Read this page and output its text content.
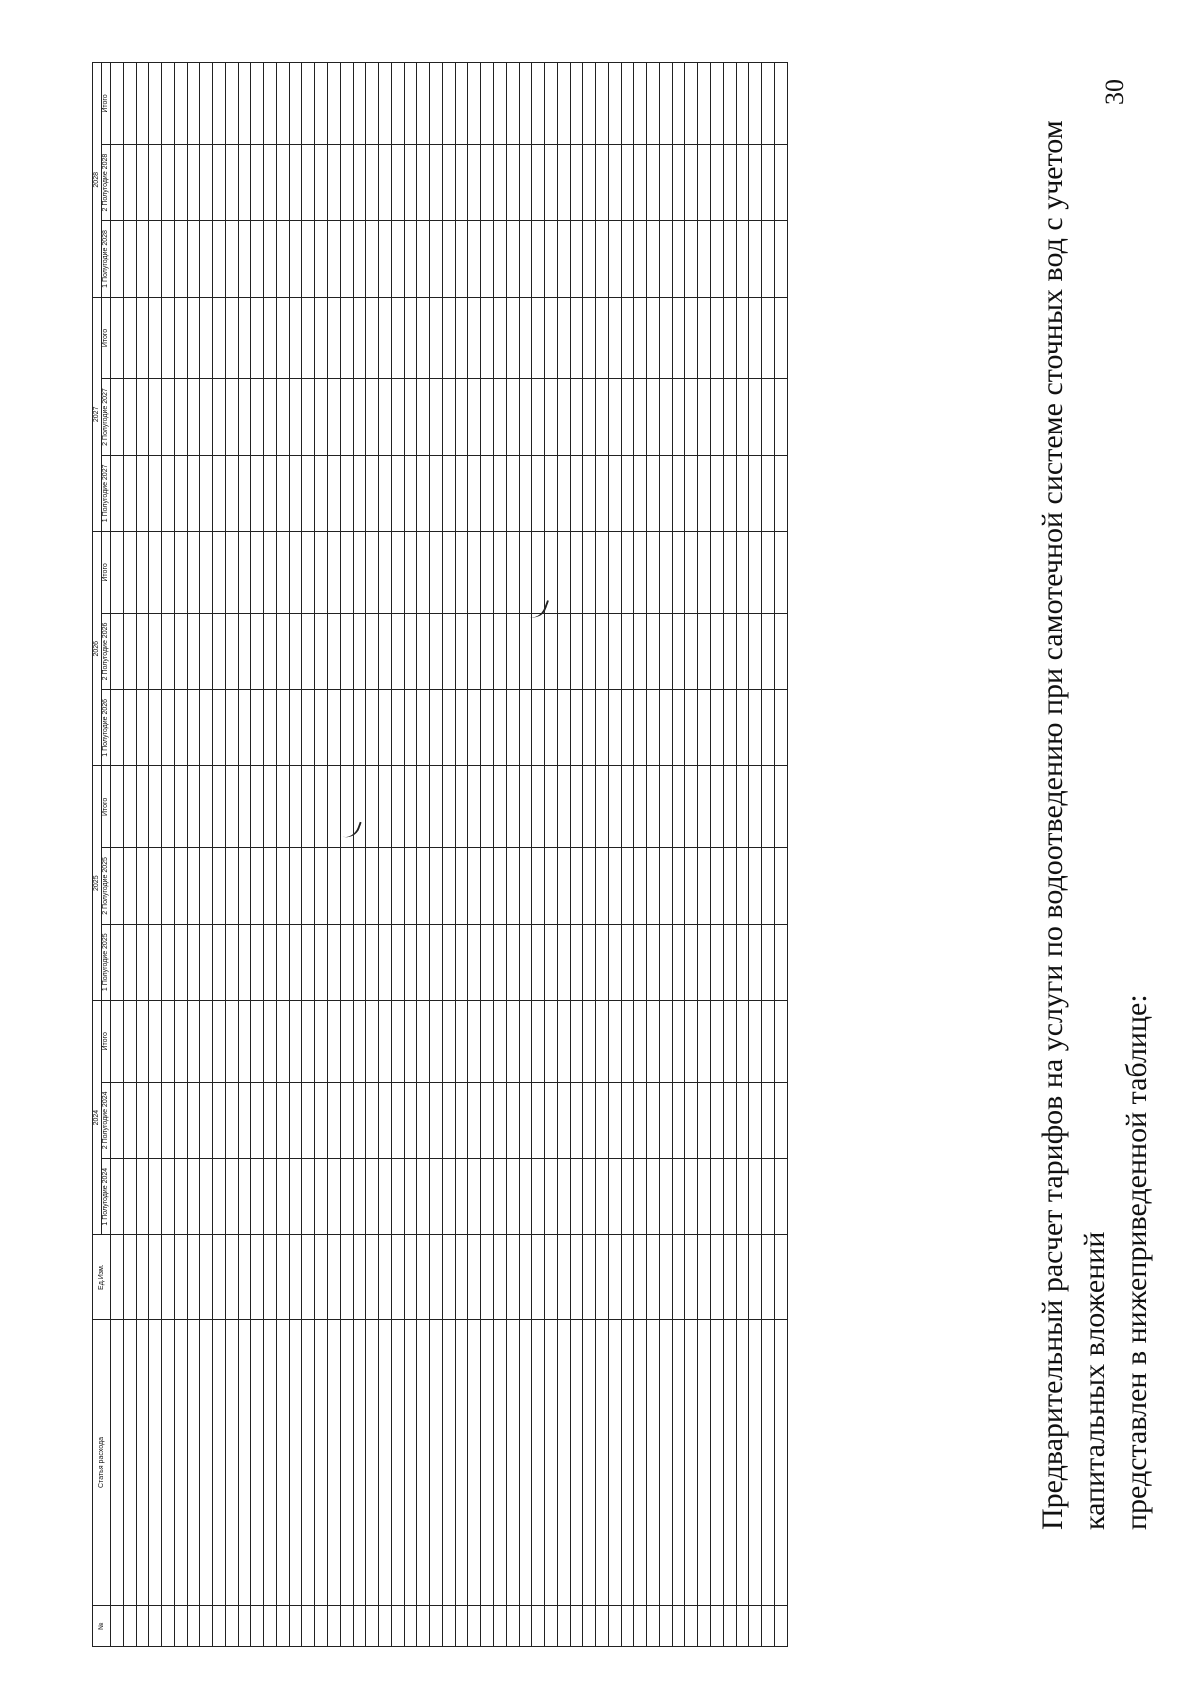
30
№	Статья расхода	Ед.Изм.	2024			2025			2026			2027			2028		
			1 Полугодие 2024	2 Полугодие 2024	Итого	1 Полугодие 2025	2 Полугодие 2025	Итого	1 Полугодие 2026	2 Полугодие 2026	Итого	1 Полугодие 2027	2 Полугодие 2027	Итого	1 Полугодие 2028	2 Полугодие 2028	Итого

Предварительный расчет тарифов на услуги по водоотведению при самотечной системе сточных вод с учетом капитальных вложений представлен в нижеприведенной таблице:
